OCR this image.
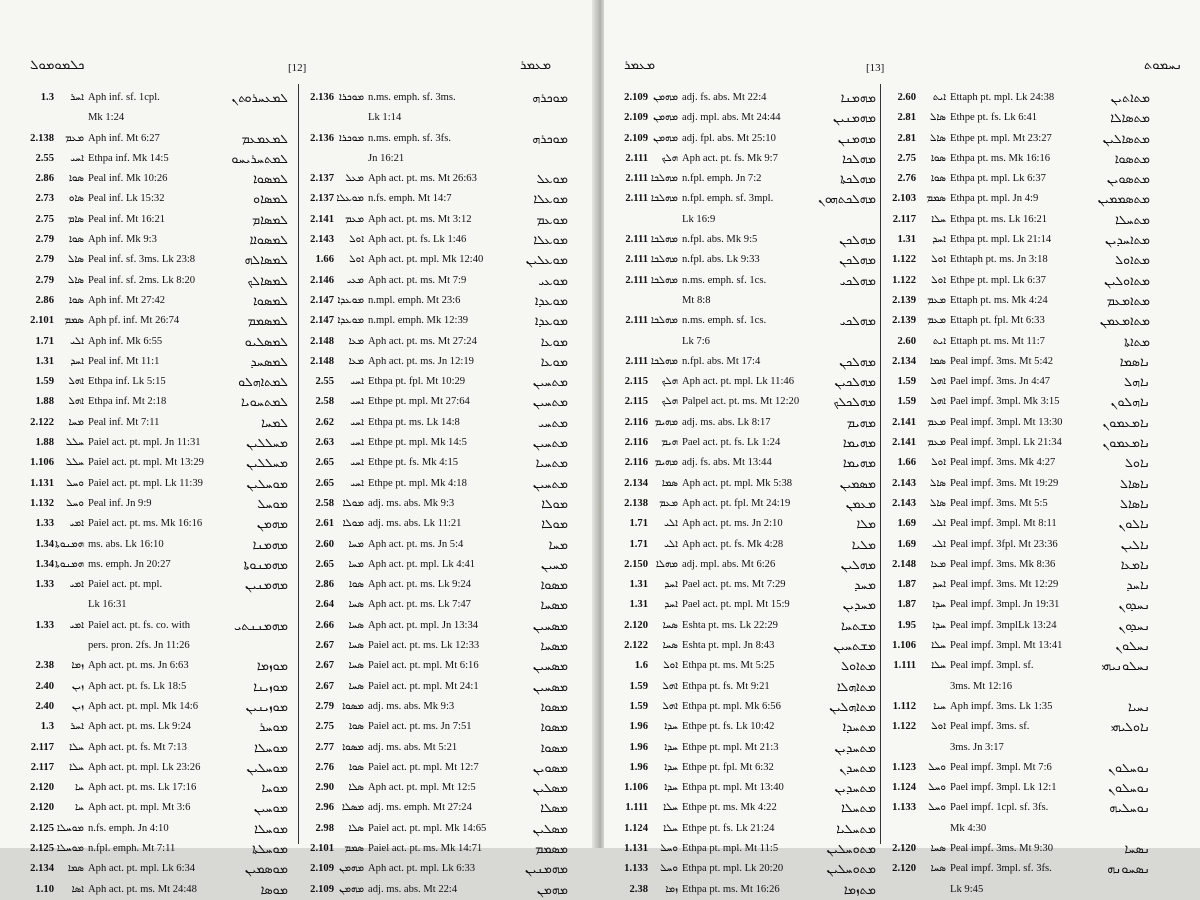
ܟܠܡܘܡܘܠ	[12]	ܡܥܡܪ
1.3	ܐܚܪ Aph inf. sf. 1cpl.	ܠܡܥܚܪܘܬܢ
Mk 1:24
2.138	ܡܥܡ Aph inf. Mt 6:27	ܠܡܥܡܥܡ
2.55	ܐܚܝ Ethpa inf. Mk 14:5	ܠܡܬܚܪܝܚܘ
2.86	ܣܘܐ Peal inf. Mk 10:26	ܠܡܣܘܐ
2.73	ܣܐܘ Peal inf. Lk 15:32	ܠܡܣܐܘ
2.75	ܣܐܡ Peal inf. Mt 16:21	ܠܡܣܐܡ
2.79	ܣܘܐ Aph inf. Mk 9:3	ܠܡܣܘܐܐ
2.79	ܣܐܠ Peal inf. sf. 3ms. Lk 23:8	ܠܡܣܐܠܗ
2.79	ܣܐܠ Peal inf. sf. 2ms. Lk 8:20	ܠܡܣܐܠܟ
2.86	ܣܘܐ Aph inf. Mt 27:42	ܠܡܣܘܐ
2.101	ܣܡܡ Aph pf. inf. Mt 26:74	ܠܡܣܡܡ
1.71	ܐܠܝ Aph inf. Mk 6:55	ܠܡܣܠܝܘ
1.31	ܐܚܕ Peal inf. Mt 11:1	ܠܡܣܚܕ
1.59	ܐܗܠ Ethpa inf. Lk 5:15	ܠܡܬܐܗܠܘ
1.88	ܐܗܠ Ethpa inf. Mt 2:18	ܠܡܬܚܘܝܐ
2.122	ܡܚܐ Peal inf. Mt 7:11	ܠܡܚܐ
1.88	ܚܠܠ Paiel act. pt. mpl. Jn 11:31	ܡܚܠܠܝܢ
1.106	ܚܠܠ Paiel act. pt. mpl. Mt 13:29	ܡܚܠܠܝܢ
1.131	ܘܚܠ Paiel act. pt. mpl. Lk 11:39	ܡܘܚܠܝܢ
1.132	ܘܚܠ Peal inf. Jn 9:9	ܡܘܚܠ
1.33	ܐܡܝ Paiel act. pt. ms. Mk 16:16	ܡܗܡܢ
1.34 ܗܡܢܘܬܐ ms. abs. Lk 16:10	ܡܗܡܢܐ
1.34 ܗܡܢܘܬܐ ms. emph. Jn 20:27	ܡܗܡܢܘܬܐ
1.33	ܐܡܝ Paiel act. pt. mpl.	ܡܗܡܢܝܢ
Lk 16:31
1.33	ܐܡܝ Paiel act. pt. fs. co. with	ܡܗܡܢܢܬܝ
pers. pron. 2fs. Jn 11:26
2.38	ܙܡܐ Aph act. pt. ms. Jn 6:63	ܡܘܙܡܐ
2.40	ܙܝܢ Aph act. pt. fs. Lk 18:5	ܡܘܙܝܢܐ
2.40	ܙܝܢ Aph act. pt. mpl. Mk 14:6	ܡܘܙܝܢܝܢ
1.3	ܐܚܪ Aph act. pt. ms. Lk 9:24	ܡܘܚܪ
2.117	ܚܠܐ Aph act. pt. fs. Mt 7:13	ܡܘܚܠܐ
2.117	ܚܠܐ Aph act. pt. mpl. Lk 23:26	ܡܘܚܠܝܢ
2.120	ܚܐ Aph act. pt. ms. Lk 17:16	ܡܘܚܐ
2.120	ܚܐ Aph act. pt. mpl. Mt 3:6	ܡܘܚܝܢ
2.125 ܡܘܚܠܐ n.fs. emph. Jn 4:10	ܡܘܚܠܐ
2.125 ܡܘܚܠܐ n.fpl. emph. Mt 7:11	ܡܘܚܠܬܐ
2.134	ܣܡܐ Aph act. pt. mpl. Lk 6:34	ܡܘܣܡܝܢ
1.10	ܐܣܐ Aph act. pt. ms. Mt 24:48	ܡܘܣܐ
2.136 ܡܘܟܪܐ n.ms. emph. sf. 3ms.	ܡܘܟܪܗ
Lk 1:14
2.136 ܡܘܟܪܐ n.ms. emph. sf. 3fs.	ܡܘܟܪܗ
Jn 16:21
2.137	ܡܥܠ Aph act. pt. ms. Mt 26:63	ܡܘܥܠ
2.137 ܡܘܥܠܐ n.fs. emph. Mt 14:7	ܡܘܥܠܐ
2.141	ܡܥܡ Aph act. pt. ms. Mt 3:12	ܡܘܥܡ
2.143	ܐܘܠ Aph act. pt. fs. Lk 1:46	ܡܘܥܠܐ
1.66	ܐܘܠ Aph act. pt. mpl. Mk 12:40	ܡܘܥܠܝܢ
2.146	ܡܥܝ Aph act. pt. ms. Mt 7:9	ܡܘܥܝ
2.147 ܡܘܥܕܐ n.mpl. emph. Mt 23:6	ܡܘܥܕܐ
2.147 ܡܘܥܕܐ n.mpl. emph. Mk 12:39	ܡܘܥܕܐ
2.148	ܡܥܐ Aph act. pt. ms. Mt 27:24	ܡܘܥܐ
2.148	ܡܥܐ Aph act. pt. ms. Jn 12:19	ܡܘܥܐ
2.55	ܐܚܝ Ethpa pt. fpl. Mt 10:29	ܡܬܚܝܢ
2.58	ܐܚܝ Ethpe pt. mpl. Mt 27:64	ܡܬܚܝܢ
2.62	ܐܚܝ Ethpa pt. ms. Lk 14:8	ܡܬܚܝ
2.63	ܐܚܝ Ethpe pt. mpl. Mk 14:5	ܡܬܚܝܢ
2.65	ܐܚܝ Ethpe pt. fs. Mk 4:15	ܡܬܚܝܐ
2.65	ܐܚܝ Ethpe pt. mpl. Mk 4:18	ܡܬܚܝܢ
2.58 ܡܘܠܐ adj. ms. abs. Mk 9:3	ܡܘܠܐ
2.61 ܡܘܠܐ adj. ms. abs. Lk 11:21	ܡܘܠܐ
2.60	ܡܚܐ Aph act. pt. ms. Jn 5:4	ܡܚܐ
2.65	ܡܚܐ Aph act. pt. mpl. Lk 4:41	ܡܚܝܢ
2.86	ܣܘܐ Aph act. pt. ms. Lk 9:24	ܡܣܘܐ
2.64	ܣܚܐ Aph act. pt. ms. Lk 7:47	ܡܣܚܐ
2.66	ܣܚܐ Aph act. pt. mpl. Jn 13:34	ܡܣܚܝܢ
2.67	ܣܚܐ Paiel act. pt. ms. Lk 12:33	ܡܣܚܐ
2.67	ܣܚܐ Paiel act. pt. mpl. Mt 6:16	ܡܣܚܝܢ
2.67	ܣܚܐ Paiel act. pt. mpl. Mt 24:1	ܡܣܚܝܢ
2.79 ܡܣܘܐ adj. ms. abs. Mk 9:3	ܡܣܘܐ
2.75	ܣܘܐ Paiel act. pt. ms. Jn 7:51	ܡܣܘܐ
2.77 ܡܣܘܐ adj. ms. abs. Mt 5:21	ܡܣܘܐ
2.76	ܣܘܐ Paiel act. pt. mpl. Mt 12:7	ܡܣܘܝܢ
2.90	ܣܠܐ Aph act. pt. mpl. Mt 12:5	ܡܣܠܝܢ
2.96 ܡܣܠܐ adj. ms. emph. Mt 27:24	ܡܣܠܐ
2.98	ܣܠܐ Paiel act. pt. mpl. Mk 14:65	ܡܣܠܝܢ
2.101	ܣܡܡ Paiel act. pt. ms. Mk 14:71	ܡܣܡܡ
2.109 ܡܗܡܢ Aph act. pt. mpl. Lk 6:33	ܡܗܡܢܝܢ
2.109 ܡܗܡܢ adj. ms. abs. Mt 22:4	ܡܗܡܢ
ܡܥܡܪ	[13]	ܢܚܡܘܬ
2.109 ܡܗܡܢ adj. fs. abs. Mt 22:4	ܡܗܡܢܐ
2.109 ܡܗܡܢ adj. mpl. abs. Mt 24:44	ܡܗܡܢܝܢ
2.109 ܡܗܡܢ adj. fpl. abs. Mt 25:10	ܡܗܡܢܢ
2.111	ܗܠܟ Aph act. pt. fs. Mk 9:7	ܡܗܠܟܐ
2.111 ܡܗܠܟܐ n.fpl. emph. Jn 7:2	ܡܗܠܟܬܐ
2.111 ܡܗܠܟܐ n.fpl. emph. sf. 3mpl.	ܡܗܠܟܬܗܘܢ
Lk 16:9
2.111 ܡܗܠܟܐ n.fpl. abs. Mk 9:5	ܡܗܠܟܢ
2.111 ܡܗܠܟܐ n.fpl. abs. Lk 9:33	ܡܗܠܟܢ
2.111 ܡܗܠܟܐ n.ms. emph. sf. 1cs.	ܡܗܠܟܝ
Mt 8:8
2.111 ܡܗܠܟܐ n.ms. emph. sf. 1cs.	ܡܗܠܟܝ
Lk 7:6
2.111 ܡܗܠܟܐ n.fpl. abs. Mt 17:4	ܡܗܠܟܢ
2.115	ܗܠܟ Aph act. pt. mpl. Lk 11:46	ܡܗܠܟܝܢ
2.115	ܗܠܟ Palpel act. pt. ms. Mt 12:20	ܡܗܠܟܠܟ
2.116 ܡܗܝܡ adj. ms. abs. Lk 8:17	ܡܗܝܡ
2.116	ܗܝܡ Pael act. pt. fs. Lk 1:24	ܡܗܝܡܐ
2.116 ܡܗܝܡ adj. fs. abs. Mt 13:44	ܡܗܝܡܐ
2.134	ܣܡܐ Aph act. pt. mpl. Mk 5:38	ܡܣܡܝܢ
2.138	ܡܥܡ Aph act. pt. fpl. Mt 24:19	ܡܥܡܢ
1.71	ܐܠܝ Aph act. pt. ms. Jn 2:10	ܡܠܐ
1.71	ܐܠܝ Aph act. pt. fs. Mk 4:28	ܡܠܝܐ
2.150 ܡܗܠܐ adj. mpl. abs. Mt 6:26	ܡܗܠܝܢ
1.31	ܐܚܕ Pael act. pt. ms. Mt 7:29	ܡܚܕ
1.31	ܐܚܕ Pael act. pt. mpl. Mt 15:9	ܡܚܕܝܢ
2.120	ܣܚܐ Eshta pt. ms. Lk 22:29	ܡܫܬܚܐ
2.122	ܣܚܐ Eshta pt. mpl. Jn 8:43	ܡܫܬܚܝܢ
1.6	ܐܘܠ Ethpa pt. ms. Mt 5:25	ܡܬܐܘܠ
1.59	ܐܗܠ Ethpa pt. fs. Mt 9:21	ܡܬܐܗܠܐ
1.59	ܐܗܠ Ethpa pt. mpl. Mk 6:56	ܡܬܐܗܠܝܢ
1.96	ܚܕܐ Ethpe pt. fs. Lk 10:42	ܡܬܚܕܐ
1.96	ܚܕܐ Ethpe pt. mpl. Mt 21:3	ܡܬܚܕܝܢ
1.96	ܚܕܐ Ethpe pt. fpl. Mt 6:32	ܡܬܚܕܢ
1.106	ܚܕܐ Ethpa pt. mpl. Mt 13:40	ܡܬܚܕܝܢ
1.111	ܚܠܐ Ethpe pt. ms. Mk 4:22	ܡܬܚܠܐ
1.124	ܚܠܐ Ethpe pt. fs. Lk 21:24	ܡܬܚܠܝܐ
1.131	ܘܚܠ Ethpa pt. mpl. Mt 11:5	ܡܬܘܚܠܝܢ
1.133	ܘܚܠ Ethpa pt. mpl. Lk 20:20	ܡܬܘܚܠܝܢ
2.38	ܙܡܐ Ethpa pt. ms. Mt 16:26	ܡܬܙܡܐ
2.60	ܐܝܬ Ettaph pt. mpl. Lk 24:38	ܡܬܐܬܝܢ
2.81	ܣܐܠ Ethpe pt. fs. Lk 6:41	ܡܬܣܐܠܐ
2.81	ܣܐܠ Ethpe pt. mpl. Mt 23:27	ܡܬܣܐܠܝܢ
2.75	ܣܘܐ Ethpa pt. ms. Mk 16:16	ܡܬܣܘܐ
2.76	ܣܘܐ Ethpa pt. mpl. Lk 6:37	ܡܬܣܘܝܢ
2.103	ܣܡܡ Ethpa pt. mpl. Jn 4:9	ܡܬܣܡܡܝܢ
2.117	ܚܠܐ Ethpa pt. ms. Lk 16:21	ܡܬܚܠܐ
1.31	ܐܚܕ Ethpa pt. mpl. Lk 21:14	ܡܬܐܚܕܝܢ
1.122	ܐܘܠ Ethtaph pt. ms. Jn 3:18	ܡܬܐܘܠ
1.122	ܐܘܠ Ethpe pt. mpl. Lk 6:37	ܡܬܐܘܠܝܢ
2.139	ܡܥܡ Ettaph pt. ms. Mk 4:24	ܡܬܐܡܥܡ
2.139	ܡܥܡ Ettaph pt. fpl. Mt 6:33	ܡܬܐܡܥܡܢ
2.60	ܐܝܬ Ettaph pt. ms. Mt 11:7	ܡܬܐܬܐ
2.134	ܣܡܐ Peal impf. 3ms. Mt 5:42	ܢܐܣܡܐ
1.59	ܐܗܠ Pael impf. 3ms. Jn 4:47	ܢܐܗܠ
1.59	ܐܗܠ Pael impf. 3mpl. Mk 3:15	ܢܐܗܠܘܢ
2.141	ܡܥܡ Peal impf. 3mpl. Mt 13:30	ܢܐܡܥܡܘܢ
2.141	ܡܥܡ Peal impf. 3mpl. Lk 21:34	ܢܐܡܥܡܘܢ
1.66	ܐܘܠ Peal impf. 3ms. Mk 4:27	ܢܐܘܠ
2.143	ܣܐܠ Peal impf. 3ms. Mt 19:29	ܢܐܣܐܠ
2.143	ܣܐܠ Peal impf. 3ms. Mt 5:5	ܢܐܣܐܠ
1.69	ܐܠܝ Peal impf. 3mpl. Mt 8:11	ܢܐܠܘܢ
1.69	ܐܠܝ Peal impf. 3fpl. Mt 23:36	ܢܐܠܝܢ
2.148	ܡܥܐ Peal impf. 3ms. Mk 8:36	ܢܐܡܥܐ
1.87	ܐܚܕ Peal impf. 3ms. Mt 12:29	ܢܐܚܕ
1.87	ܚܕܐ Peal impf. 3mpl. Jn 19:31	ܢܚܕܘܢ
1.95	ܚܕܐ Peal impf. 3mplLk 13:24	ܢܚܕܘܢ
1.106	ܚܠܐ Peal impf. 3mpl. Mt 13:41	ܢܚܠܘܢ
1.111	ܚܠܐ Peal impf. 3mpl. sf.	ܢܚܠܘܢܝܗܝ
3ms. Mt 12:16
1.112	ܚܝܐ Aph impf. 3ms. Lk 1:35	ܢܚܝܐ
1.122	ܐܘܠ Peal impf. 3ms. sf.	ܢܐܘܠܝܗܝ
3ms. Jn 3:17
1.123	ܘܚܠ Peal impf. 3mpl. Mt 7:6	ܢܘܚܠܘܢ
1.124	ܘܚܠ Pael impf. 3mpl. Lk 12:1	ܢܘܚܠܘܢ
1.133	ܘܚܠ Pael impf. 1cpl. sf. 3fs.	ܢܘܚܠܝܗ
Mk 4:30
2.120	ܣܚܐ Peal impf. 3ms. Mt 9:30	ܢܣܚܐ
2.120	ܣܚܐ Peal impf. 3mpl. sf. 3fs.	ܢܣܚܘܢܗ
Lk 9:45
